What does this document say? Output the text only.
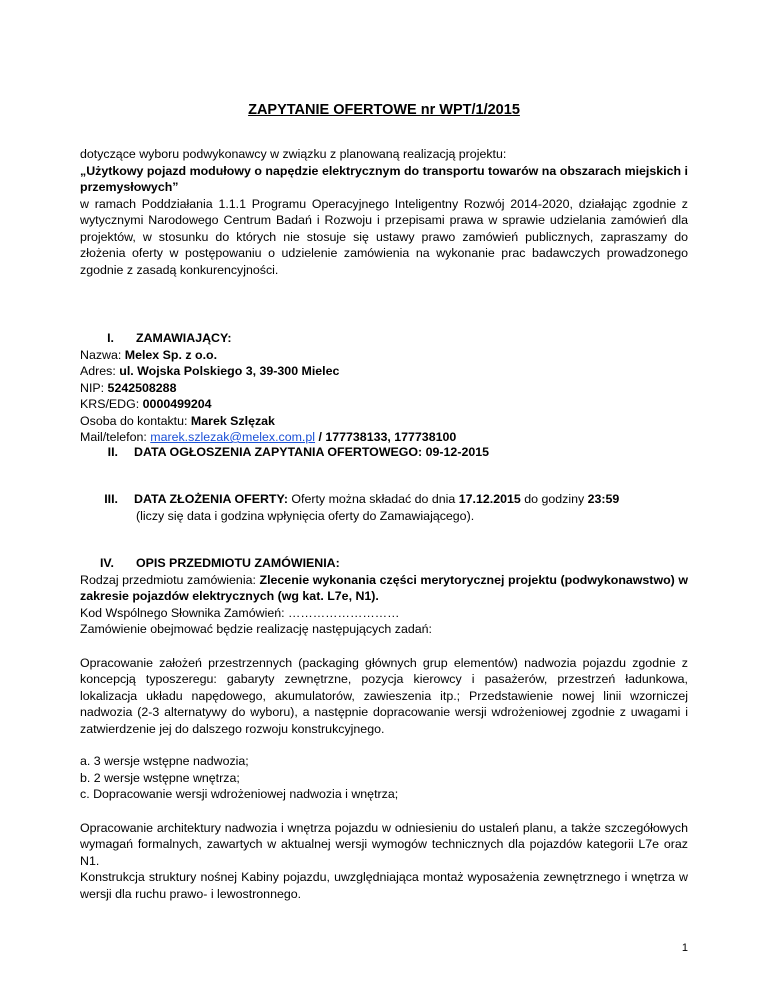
ZAPYTANIE OFERTOWE nr WPT/1/2015

dotyczące wyboru podwykonawcy w związku z planowaną realizacją projektu:

„Użytkowy pojazd modułowy o napędzie elektrycznym do transportu towarów na obszarach miejskich i przemysłowych”

w ramach Poddziałania 1.1.1 Programu Operacyjnego Inteligentny Rozwój 2014-2020, działając zgodnie z wytycznymi Narodowego Centrum Badań i Rozwoju i przepisami prawa w sprawie udzielania zamówień dla projektów, w stosunku do których nie stosuje się ustawy prawo zamówień publicznych, zapraszamy do złożenia oferty w postępowaniu o udzielenie zamówienia na wykonanie prac badawczych prowadzonego zgodnie z zasadą konkurencyjności.

I.	ZAMAWIAJĄCY:

Nazwa: Melex Sp. z o.o.

Adres: ul. Wojska Polskiego 3, 39-300 Mielec

NIP: 5242508288

KRS/EDG: 0000499204

Osoba do kontaktu: Marek Szlęzak

Mail/telefon: marek.szlezak@melex.com.pl / 177738133, 177738100

II.	DATA OGŁOSZENIA ZAPYTANIA OFERTOWEGO: 09-12-2015
III.	DATA ZŁOŻENIA OFERTY: Oferty można składać do dnia 17.12.2015 do godziny 23:59

(liczy się data i godzina wpłynięcia oferty do Zamawiającego).

IV.	OPIS PRZEDMIOTU ZAMÓWIENIA:

Rodzaj przedmiotu zamówienia: Zlecenie wykonania części merytorycznej projektu (podwykonawstwo) w zakresie pojazdów elektrycznych (wg kat. L7e, N1).

Kod Wspólnego Słownika Zamówień: ………………………

Zamówienie obejmować będzie realizację następujących zadań:

Opracowanie założeń przestrzennych (packaging głównych grup elementów) nadwozia pojazdu zgodnie z koncepcją typoszeregu: gabaryty zewnętrzne, pozycja kierowcy i pasażerów, przestrzeń ładunkowa, lokalizacja układu napędowego, akumulatorów, zawieszenia itp.; Przedstawienie nowej linii wzorniczej nadwozia (2-3 alternatywy do wyboru), a następnie dopracowanie wersji wdrożeniowej zgodnie z uwagami i zatwierdzenie jej do dalszego rozwoju konstrukcyjnego.

a. 3 wersje wstępne nadwozia;

b. 2 wersje wstępne wnętrza;

c. Dopracowanie wersji wdrożeniowej nadwozia i wnętrza;

Opracowanie architektury nadwozia i wnętrza pojazdu w odniesieniu do ustaleń planu, a także szczegółowych wymagań formalnych, zawartych w aktualnej wersji wymogów technicznych dla pojazdów kategorii L7e oraz N1.

Konstrukcja struktury nośnej Kabiny pojazdu, uwzględniająca montaż wyposażenia zewnętrznego i wnętrza w wersji dla ruchu prawo- i lewostronnego.

1
